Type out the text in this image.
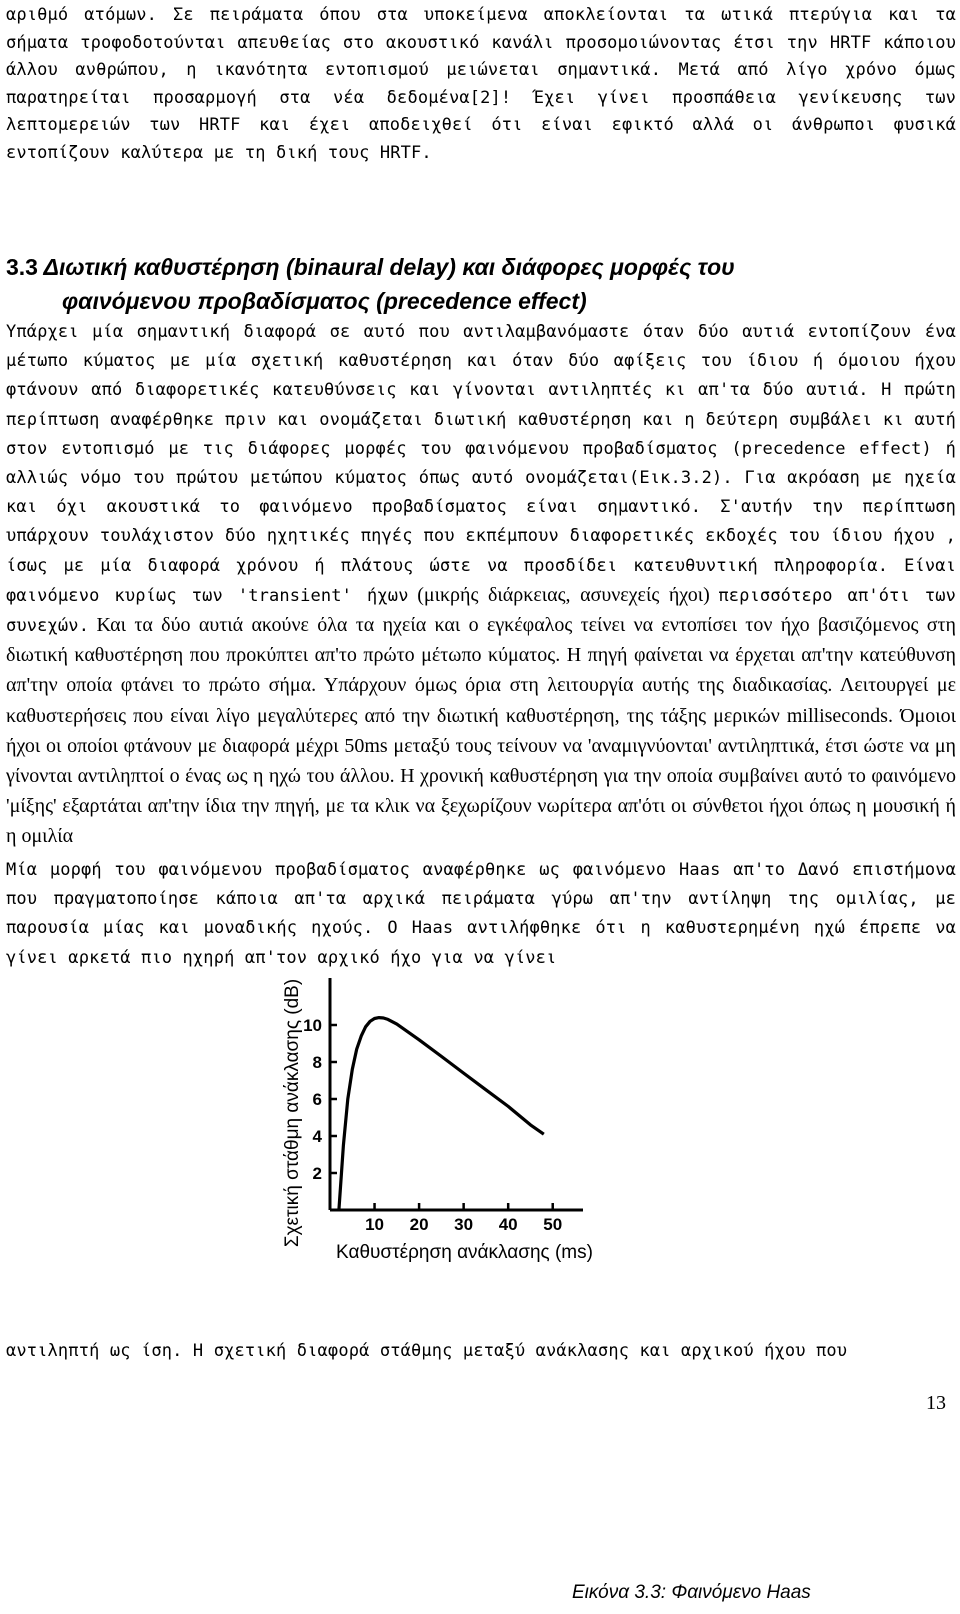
αριθμό ατόμων. Σε πειράματα όπου στα υποκείμενα αποκλείονται τα ωτικά πτερύγια και τα σήματα τροφοδοτούνται απευθείας στο ακουστικό κανάλι προσομοιώνοντας έτσι την HRTF κάποιου άλλου ανθρώπου, η ικανότητα εντοπισμού μειώνεται σημαντικά. Μετά από λίγο χρόνο όμως παρατηρείται προσαρμογή στα νέα δεδομένα[2]! Έχει γίνει προσπάθεια γενίκευσης των λεπτομερειών των HRTF και έχει αποδειχθεί ότι είναι εφικτό αλλά οι άνθρωποι φυσικά εντοπίζουν καλύτερα με τη δική τους HRTF.
3.3 Διωτική καθυστέρηση (binaural delay) και διάφορες μορφές του
φαινόμενου προβαδίσματος (precedence effect)
Υπάρχει μία σημαντική διαφορά σε αυτό που αντιλαμβανόμαστε όταν δύο αυτιά εντοπίζουν ένα μέτωπο κύματος με μία σχετική καθυστέρηση και όταν δύο αφίξεις του ίδιου ή όμοιου ήχου φτάνουν από διαφορετικές κατευθύνσεις και γίνονται αντιληπτές κι απ'τα δύο αυτιά. Η πρώτη περίπτωση αναφέρθηκε πριν και ονομάζεται διωτική καθυστέρηση και η δεύτερη συμβάλει κι αυτή στον εντοπισμό με τις διάφορες μορφές του φαινόμενου προβαδίσματος (precedence effect) ή αλλιώς νόμο του πρώτου μετώπου κύματος όπως αυτό ονομάζεται(Εικ.3.2). Για ακρόαση με ηχεία και όχι ακουστικά το φαινόμενο προβαδίσματος είναι σημαντικό. Σ'αυτήν την περίπτωση υπάρχουν τουλάχιστον δύο ηχητικές πηγές που εκπέμπουν διαφορετικές εκδοχές του ίδιου ήχου , ίσως με μία διαφορά χρόνου ή πλάτους ώστε να προσδίδει κατευθυντική πληροφορία. Είναι φαινόμενο κυρίως των 'transient' ήχων (μικρής διάρκειας, ασυνεχείς ήχοι) περισσότερο απ'ότι των συνεχών. Και τα δύο αυτιά ακούνε όλα τα ηχεία και ο εγκέφαλος τείνει να εντοπίσει τον ήχο βασιζόμενος στη διωτική καθυστέρηση που προκύπτει απ'το πρώτο μέτωπο κύματος. Η πηγή φαίνεται να έρχεται απ'την κατεύθυνση απ'την οποία φτάνει το πρώτο σήμα. Υπάρχουν όμως όρια στη λειτουργία αυτής της διαδικασίας. Λειτουργεί με καθυστερήσεις που είναι λίγο μεγαλύτερες από την διωτική καθυστέρηση, της τάξης μερικών milliseconds. Όμοιοι ήχοι οι οποίοι φτάνουν με διαφορά μέχρι 50ms μεταξύ τους τείνουν να 'αναμιγνύονται' αντιληπτικά, έτσι ώστε να μη γίνονται αντιληπτοί ο ένας ως η ηχώ του άλλου. Η χρονική καθυστέρηση για την οποία συμβαίνει αυτό το φαινόμενο 'μίξης' εξαρτάται απ'την ίδια την πηγή, με τα κλικ να ξεχωρίζουν νωρίτερα απ'ότι οι σύνθετοι ήχοι όπως η μουσική ή η ομιλία
Μία μορφή του φαινόμενου προβαδίσματος αναφέρθηκε ως φαινόμενο Haas απ'το Δανό επιστήμονα που πραγματοποίησε κάποια απ'τα αρχικά πειράματα γύρω απ'την αντίληψη της ομιλίας, με παρουσία μίας και μοναδικής ηχούς. Ο Haas αντιλήφθηκε ότι η καθυστερημένη ηχώ έπρεπε να γίνει αρκετά πιο ηχηρή απ'τον αρχικό ήχο για να γίνει
10 20 30 40 50
2
4
6
8
10
Καθυστέρηση ανάκλασης (ms)
Σχετική στάθμη ανάκλασης (dB)
Εικόνα 3.3: Φαινόμενο Haas
αντιληπτή ως ίση. Η σχετική διαφορά στάθμης μεταξύ ανάκλασης και αρχικού ήχου που
13
